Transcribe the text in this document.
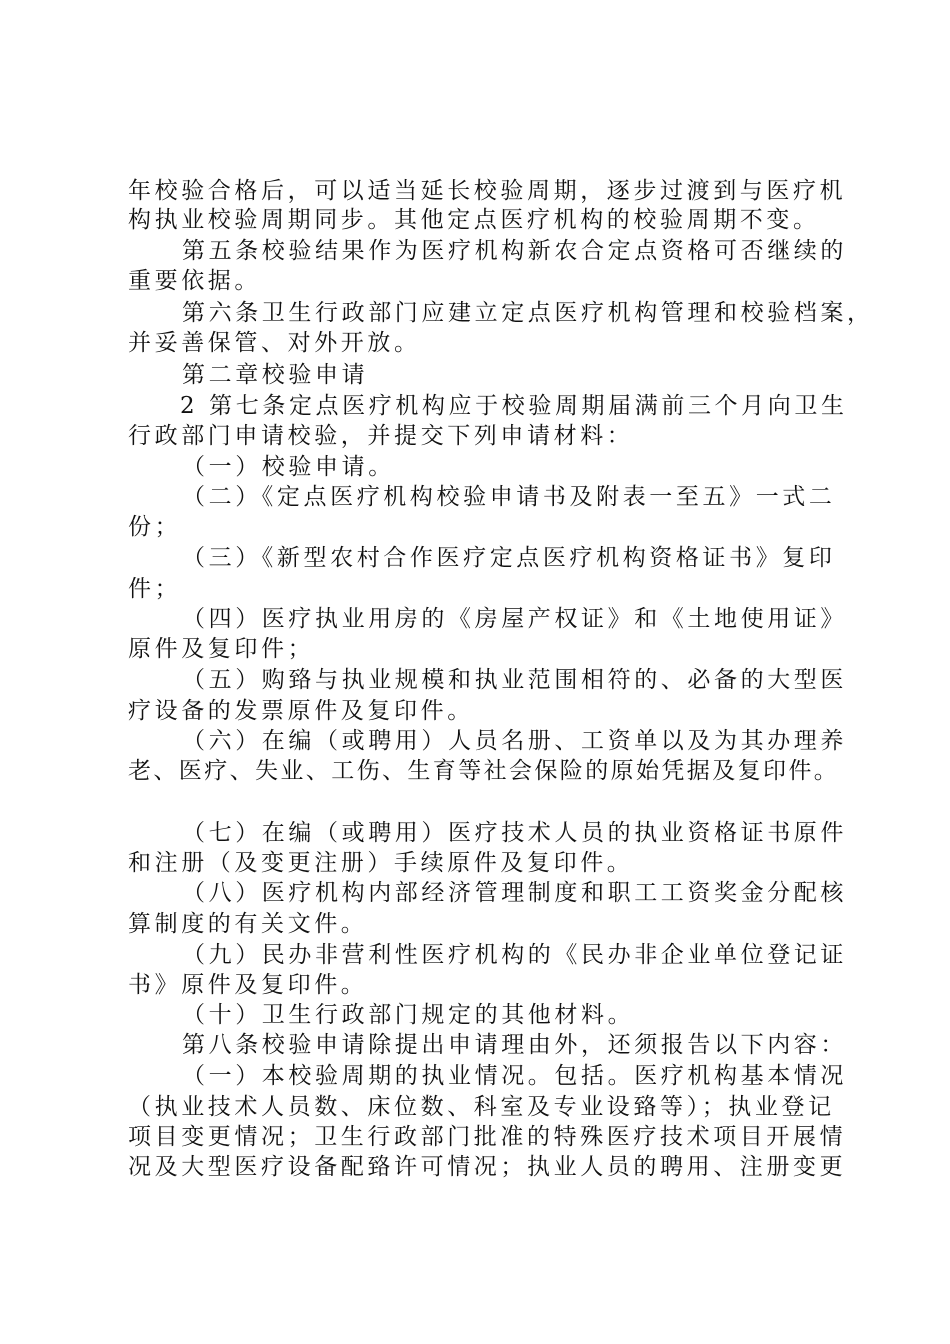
年校验合格后，可以适当延长校验周期，逐步过渡到与医疗机
构执业校验周期同步。其他定点医疗机构的校验周期不变。
第五条校验结果作为医疗机构新农合定点资格可否继续的
重要依据。
第六条卫生行政部门应建立定点医疗机构管理和校验档案，
并妥善保管、对外开放。
第二章校验申请
2 第七条定点医疗机构应于校验周期届满前三个月向卫生
行政部门申请校验，并提交下列申请材料：
（一）校验申请。
（二）《定点医疗机构校验申请书及附表一至五》一式二
份；
（三）《新型农村合作医疗定点医疗机构资格证书》复印
件；
（四）医疗执业用房的《房屋产权证》和《土地使用证》
原件及复印件；
（五）购臵与执业规模和执业范围相符的、必备的大型医
疗设备的发票原件及复印件。
（六）在编（或聘用）人员名册、工资单以及为其办理养
老、医疗、失业、工伤、生育等社会保险的原始凭据及复印件。
（七）在编（或聘用）医疗技术人员的执业资格证书原件
和注册（及变更注册）手续原件及复印件。
（八）医疗机构内部经济管理制度和职工工资奖金分配核
算制度的有关文件。
（九）民办非营利性医疗机构的《民办非企业单位登记证
书》原件及复印件。
（十）卫生行政部门规定的其他材料。
第八条校验申请除提出申请理由外，还须报告以下内容：
（一）本校验周期的执业情况。包括。医疗机构基本情况
（执业技术人员数、床位数、科室及专业设臵等）；执业登记
项目变更情况；卫生行政部门批准的特殊医疗技术项目开展情
况及大型医疗设备配臵许可情况；执业人员的聘用、注册变更
